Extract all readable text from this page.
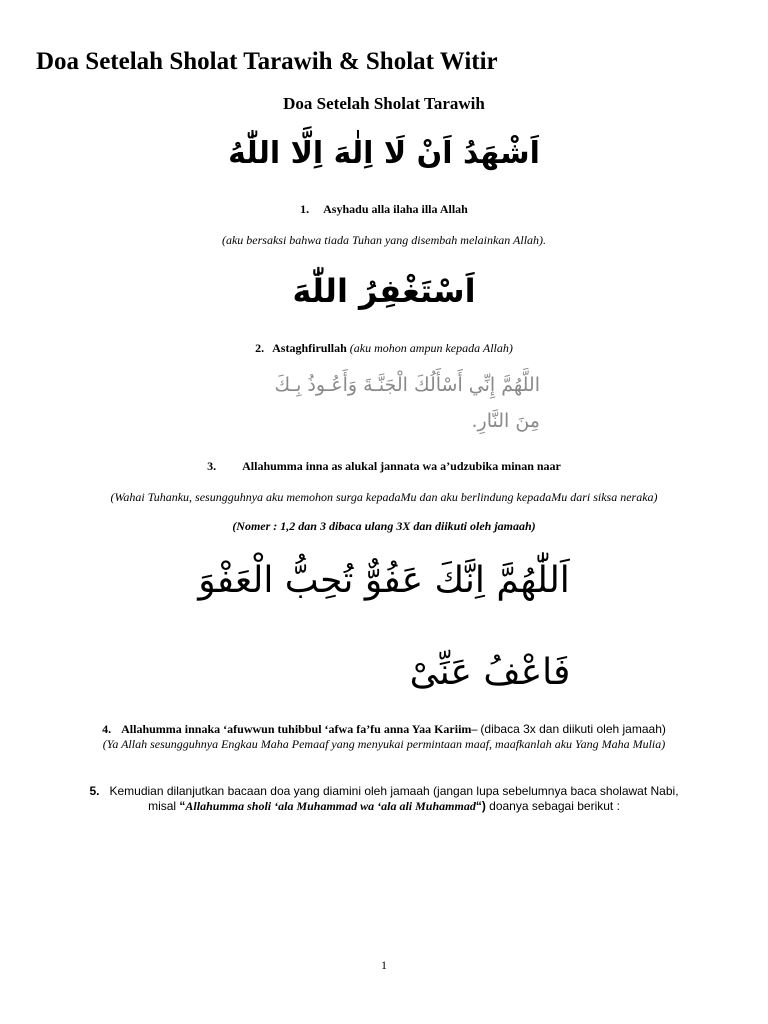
Doa Setelah Sholat Tarawih & Sholat Witir
Doa Setelah Sholat Tarawih
اَشْهَدُ اَنْ لَا اِلٰهَ اِلَّا اللّٰهُ
1. Asyhadu alla ilaha illa Allah
(aku bersaksi bahwa tiada Tuhan yang disembah melainkan Allah).
اَسْتَغْفِرُ اللّٰهَ
2. Astaghfirullah (aku mohon ampun kepada Allah)
اللَّهُمَّ إِنِّي أَسْأَلُكَ الْجَنَّـةَ وَأَعُـوذُ بِـكَ
مِنَ النَّارِ.
3. Allahumma inna as alukal jannata wa a’udzubika minan naar
(Wahai Tuhanku, sesungguhnya aku memohon surga kepadaMu dan aku berlindung kepadaMu dari siksa neraka)
(Nomer : 1,2 dan 3 dibaca ulang 3X dan diikuti oleh jamaah)
اَللّٰهُمَّ اِنَّكَ عَفُوٌّ تُحِبُّ الْعَفْوَ
فَاعْفُ عَنِّىْ
4. Allahumma innaka ‘afuwwun tuhibbul ‘afwa fa’fu anna Yaa Kariim– (dibaca 3x dan diikuti oleh jamaah)
(Ya Allah sesungguhnya Engkau Maha Pemaaf yang menyukai permintaan maaf, maafkanlah aku Yang Maha Mulia)
5. Kemudian dilanjutkan bacaan doa yang diamini oleh jamaah (jangan lupa sebelumnya baca sholawat Nabi,
misal “Allahumma sholi ‘ala Muhammad wa ‘ala ali Muhammad“) doanya sebagai berikut :
1
